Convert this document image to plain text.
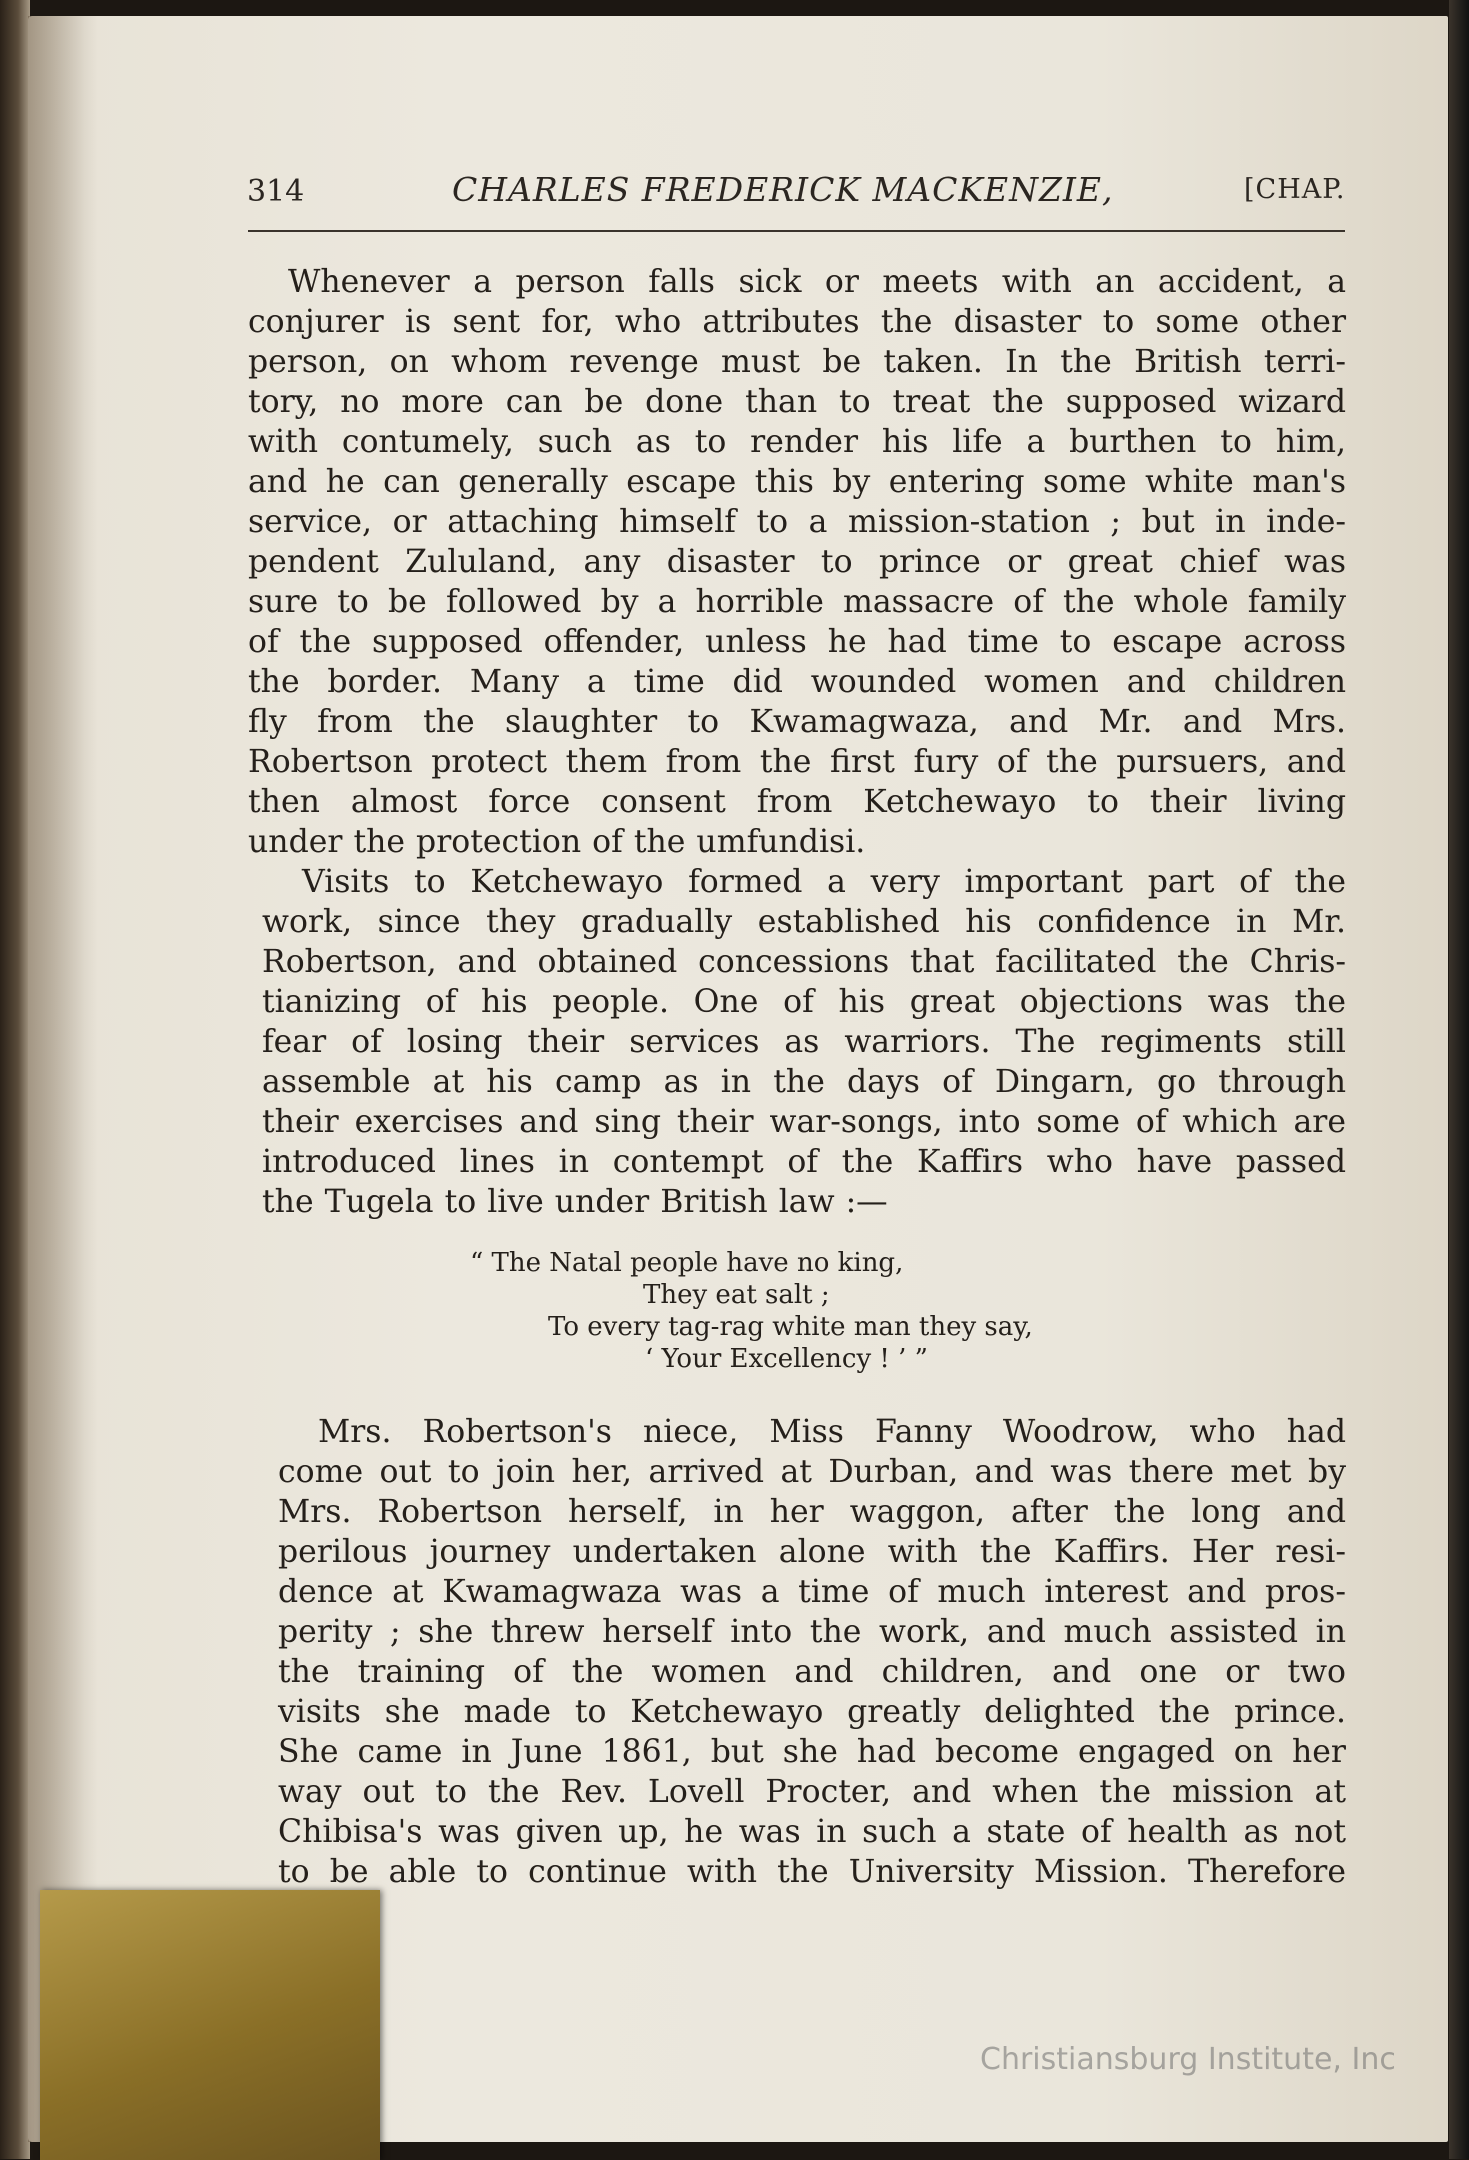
314	CHARLES FREDERICK MACKENZIE,	[CHAP.
Whenever a person falls sick or meets with an accident, a
conjurer is sent for, who attributes the disaster to some other
person, on whom revenge must be taken. In the British terri-
tory, no more can be done than to treat the supposed wizard
with contumely, such as to render his life a burthen to him,
and he can generally escape this by entering some white man's
service, or attaching himself to a mission-station ; but in inde-
pendent Zululand, any disaster to prince or great chief was
sure to be followed by a horrible massacre of the whole family
of the supposed offender, unless he had time to escape across
the border. Many a time did wounded women and children
fly from the slaughter to Kwamagwaza, and Mr. and Mrs.
Robertson protect them from the first fury of the pursuers, and
then almost force consent from Ketchewayo to their living
under the protection of the umfundisi.
Visits to Ketchewayo formed a very important part of the
work, since they gradually established his confidence in Mr.
Robertson, and obtained concessions that facilitated the Chris-
tianizing of his people. One of his great objections was the
fear of losing their services as warriors. The regiments still
assemble at his camp as in the days of Dingarn, go through
their exercises and sing their war-songs, into some of which are
introduced lines in contempt of the Kaffirs who have passed
the Tugela to live under British law :—
“ The Natal people have no king,
They eat salt ;
To every tag-rag white man they say,
‘ Your Excellency ! ’ ”
Mrs. Robertson's niece, Miss Fanny Woodrow, who had
come out to join her, arrived at Durban, and was there met by
Mrs. Robertson herself, in her waggon, after the long and
perilous journey undertaken alone with the Kaffirs. Her resi-
dence at Kwamagwaza was a time of much interest and pros-
perity ; she threw herself into the work, and much assisted in
the training of the women and children, and one or two
visits she made to Ketchewayo greatly delighted the prince.
She came in June 1861, but she had become engaged on her
way out to the Rev. Lovell Procter, and when the mission at
Chibisa's was given up, he was in such a state of health as not
to be able to continue with the University Mission. Therefore
Christiansburg Institute, Inc
